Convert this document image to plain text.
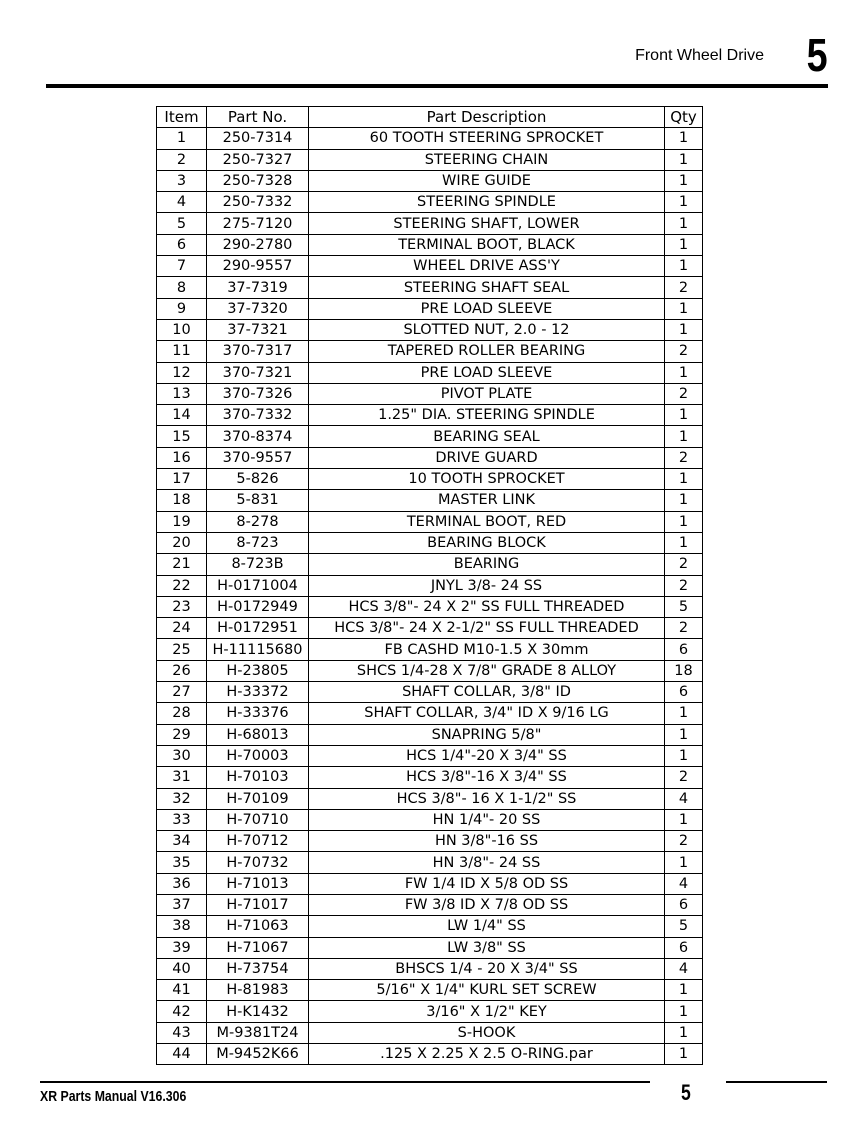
Front Wheel Drive 5
Item	Part No.	Part Description	Qty
1	250-7314	60 TOOTH STEERING SPROCKET	1
2	250-7327	STEERING CHAIN	1
3	250-7328	WIRE GUIDE	1
4	250-7332	STEERING SPINDLE	1
5	275-7120	STEERING SHAFT, LOWER	1
6	290-2780	TERMINAL BOOT, BLACK	1
7	290-9557	WHEEL DRIVE ASS'Y	1
8	37-7319	STEERING SHAFT SEAL	2
9	37-7320	PRE LOAD SLEEVE	1
10	37-7321	SLOTTED NUT, 2.0 - 12	1
11	370-7317	TAPERED ROLLER BEARING	2
12	370-7321	PRE LOAD SLEEVE	1
13	370-7326	PIVOT PLATE	2
14	370-7332	1.25" DIA. STEERING SPINDLE	1
15	370-8374	BEARING SEAL	1
16	370-9557	DRIVE GUARD	2
17	5-826	10 TOOTH SPROCKET	1
18	5-831	MASTER LINK	1
19	8-278	TERMINAL BOOT, RED	1
20	8-723	BEARING BLOCK	1
21	8-723B	BEARING	2
22	H-0171004	JNYL 3/8- 24 SS	2
23	H-0172949	HCS 3/8"- 24 X 2" SS FULL THREADED	5
24	H-0172951	HCS 3/8"- 24 X 2-1/2" SS FULL THREADED	2
25	H-11115680	FB CASHD M10-1.5 X 30mm	6
26	H-23805	SHCS 1/4-28 X 7/8" GRADE 8 ALLOY	18
27	H-33372	SHAFT COLLAR, 3/8" ID	6
28	H-33376	SHAFT COLLAR, 3/4" ID X 9/16 LG	1
29	H-68013	SNAPRING 5/8"	1
30	H-70003	HCS 1/4"-20 X 3/4" SS	1
31	H-70103	HCS 3/8"-16 X 3/4" SS	2
32	H-70109	HCS 3/8"- 16 X 1-1/2" SS	4
33	H-70710	HN 1/4"- 20 SS	1
34	H-70712	HN 3/8"-16 SS	2
35	H-70732	HN 3/8"- 24 SS	1
36	H-71013	FW 1/4 ID X 5/8 OD SS	4
37	H-71017	FW 3/8 ID X 7/8 OD SS	6
38	H-71063	LW 1/4" SS	5
39	H-71067	LW 3/8" SS	6
40	H-73754	BHSCS 1/4 - 20 X 3/4" SS	4
41	H-81983	5/16" X 1/4" KURL SET SCREW	1
42	H-K1432	3/16" X 1/2" KEY	1
43	M-9381T24	S-HOOK	1
44	M-9452K66	.125 X 2.25 X 2.5 O-RING.par	1
XR Parts Manual V16.306	5
